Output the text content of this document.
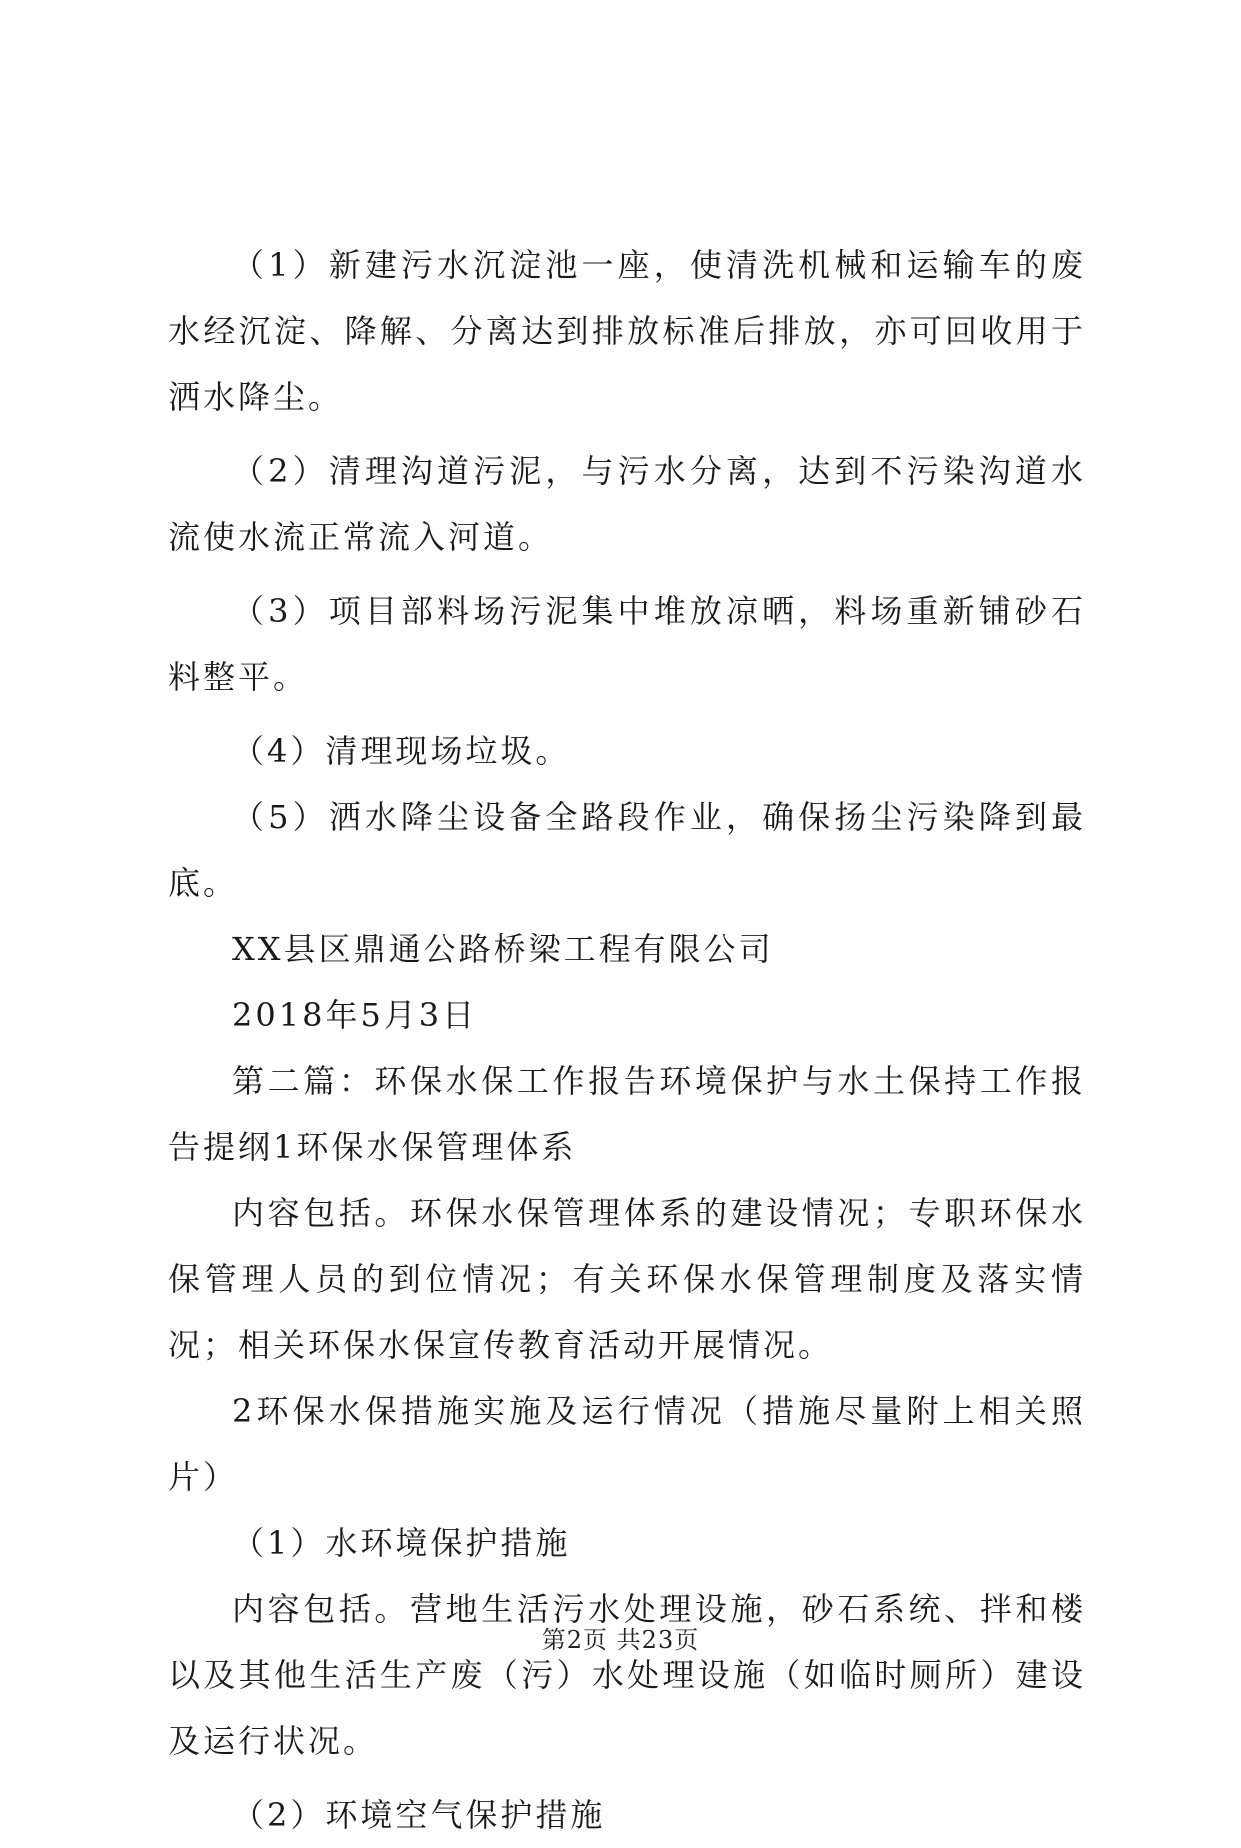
（1）新建污水沉淀池一座，使清洗机械和运输车的废水经沉淀、降解、分离达到排放标准后排放，亦可回收用于洒水降尘。

（2）清理沟道污泥，与污水分离，达到不污染沟道水流使水流正常流入河道。

（3）项目部料场污泥集中堆放凉晒，料场重新铺砂石料整平。

（4）清理现场垃圾。

（5）洒水降尘设备全路段作业，确保扬尘污染降到最底。

XX县区鼎通公路桥梁工程有限公司

2018年5月3日

第二篇：环保水保工作报告环境保护与水土保持工作报告提纲1环保水保管理体系

内容包括。环保水保管理体系的建设情况；专职环保水保管理人员的到位情况；有关环保水保管理制度及落实情况；相关环保水保宣传教育活动开展情况。

2环保水保措施实施及运行情况（措施尽量附上相关照片）

（1）水环境保护措施

内容包括。营地生活污水处理设施，砂石系统、拌和楼以及其他生活生产废（污）水处理设施（如临时厕所）建设及运行状况。

（2）环境空气保护措施

第2页 共23页
